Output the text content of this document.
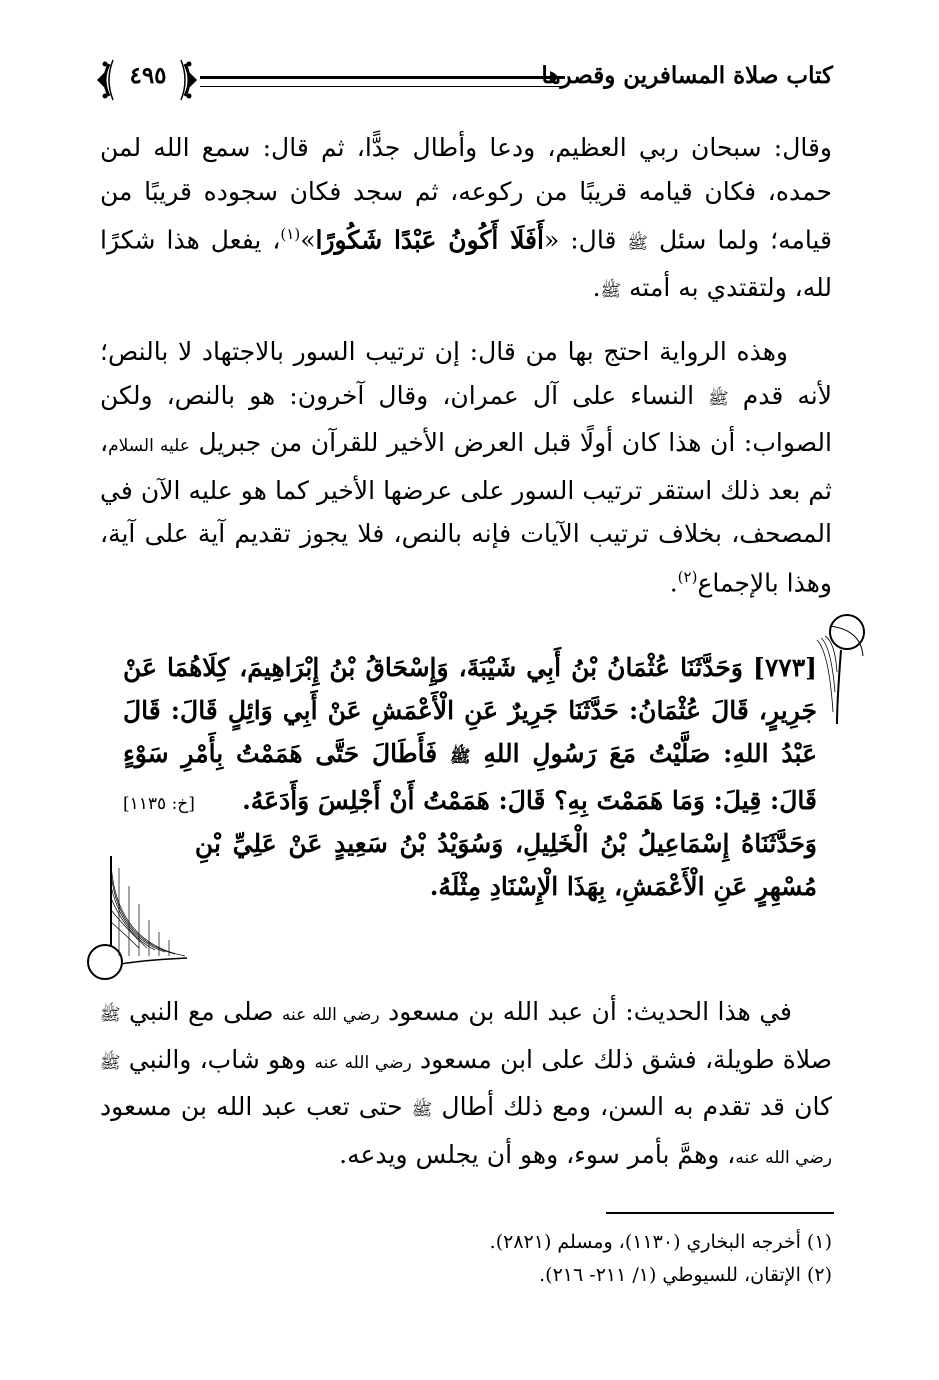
كتاب صلاة المسافرين وقصرها
٤٩٥

وقال: سبحان ربي العظيم، ودعا وأطال جدًّا، ثم قال: سمع الله لمن حمده، فكان قيامه قريبًا من ركوعه، ثم سجد فكان سجوده قريبًا من قيامه؛ ولما سئل ﷺ قال: «أَفَلَا أَكُونُ عَبْدًا شَكُورًا»$^{(١)}$، يفعل هذا شكرًا لله، ولتقتدي به أمته ﷺ.

وهذه الرواية احتج بها من قال: إن ترتيب السور بالاجتهاد لا بالنص؛ لأنه قدم ﷺ النساء على آل عمران، وقال آخرون: هو بالنص، ولكن الصواب: أن هذا كان أولًا قبل العرض الأخير للقرآن من جبريل عليه السلام، ثم بعد ذلك استقر ترتيب السور على عرضها الأخير كما هو عليه الآن في المصحف، بخلاف ترتيب الآيات فإنه بالنص، فلا يجوز تقديم آية على آية، وهذا بالإجماع$^{(٢)}$.

[٧٧٣] وَحَدَّثَنَا عُثْمَانُ بْنُ أَبِي شَيْبَةَ، وَإِسْحَاقُ بْنُ إِبْرَاهِيمَ، كِلَاهُمَا عَنْ جَرِيرٍ، قَالَ عُثْمَانُ: حَدَّثَنَا جَرِيرٌ عَنِ الْأَعْمَشِ عَنْ أَبِي وَائِلٍ قَالَ: قَالَ عَبْدُ اللهِ: صَلَّيْتُ مَعَ رَسُولِ اللهِ ﷺ فَأَطَالَ حَتَّى هَمَمْتُ بِأَمْرِ سَوْءٍ قَالَ: قِيلَ: وَمَا هَمَمْتَ بِهِ؟ قَالَ: هَمَمْتُ أَنْ أَجْلِسَ وَأَدَعَهُ.
[خ: ١١٣٥]

وَحَدَّثَنَاهُ إِسْمَاعِيلُ بْنُ الْخَلِيلِ، وَسُوَيْدُ بْنُ سَعِيدٍ عَنْ عَلِيِّ بْنِ مُسْهِرٍ عَنِ الْأَعْمَشِ، بِهَذَا الْإِسْنَادِ مِثْلَهُ.

في هذا الحديث: أن عبد الله بن مسعود رضي الله عنه صلى مع النبي ﷺ صلاة طويلة، فشق ذلك على ابن مسعود رضي الله عنه وهو شاب، والنبي ﷺ كان قد تقدم به السن، ومع ذلك أطال ﷺ حتى تعب عبد الله بن مسعود رضي الله عنه، وهمَّ بأمر سوء، وهو أن يجلس ويدعه.

(١) أخرجه البخاري (١١٣٠)، ومسلم (٢٨٢١).
(٢) الإتقان، للسيوطي (١/ ٢١١- ٢١٦).
